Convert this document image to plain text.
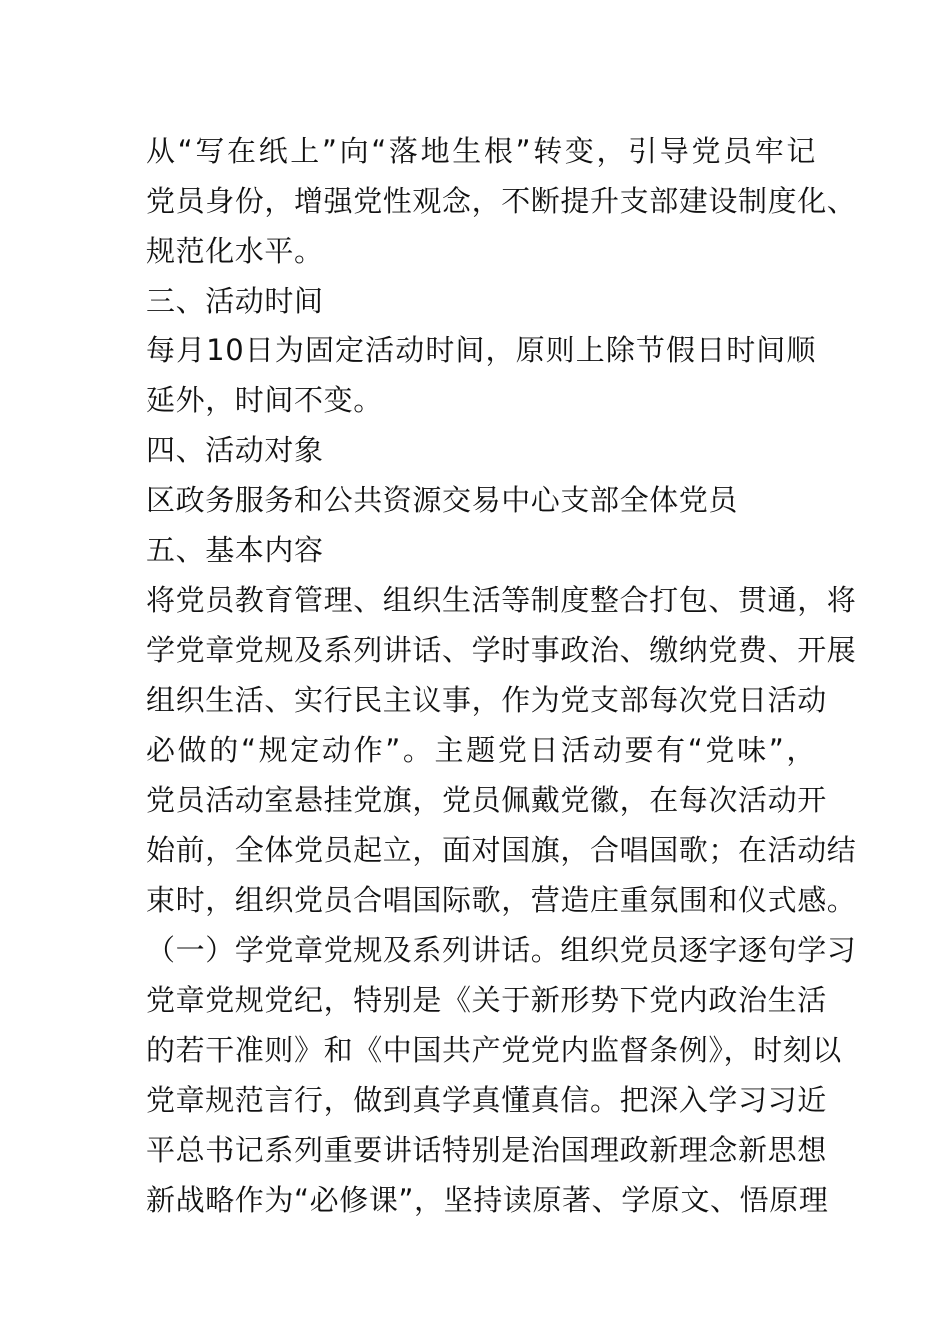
从“写在纸上”向“落地生根”转变，引导党员牢记
党员身份，增强党性观念，不断提升支部建设制度化、
规范化水平。
三、活动时间
每月10日为固定活动时间，原则上除节假日时间顺
延外，时间不变。
四、活动对象
区政务服务和公共资源交易中心支部全体党员
五、基本内容
将党员教育管理、组织生活等制度整合打包、贯通，将
学党章党规及系列讲话、学时事政治、缴纳党费、开展
组织生活、实行民主议事，作为党支部每次党日活动
必做的“规定动作”。主题党日活动要有“党味”，
党员活动室悬挂党旗，党员佩戴党徽，在每次活动开
始前，全体党员起立，面对国旗，合唱国歌；在活动结
束时，组织党员合唱国际歌，营造庄重氛围和仪式感。
（一）学党章党规及系列讲话。组织党员逐字逐句学习
党章党规党纪，特别是《关于新形势下党内政治生活
的若干准则》和《中国共产党党内监督条例》，时刻以
党章规范言行，做到真学真懂真信。把深入学习习近
平总书记系列重要讲话特别是治国理政新理念新思想
新战略作为“必修课”，坚持读原著、学原文、悟原理
